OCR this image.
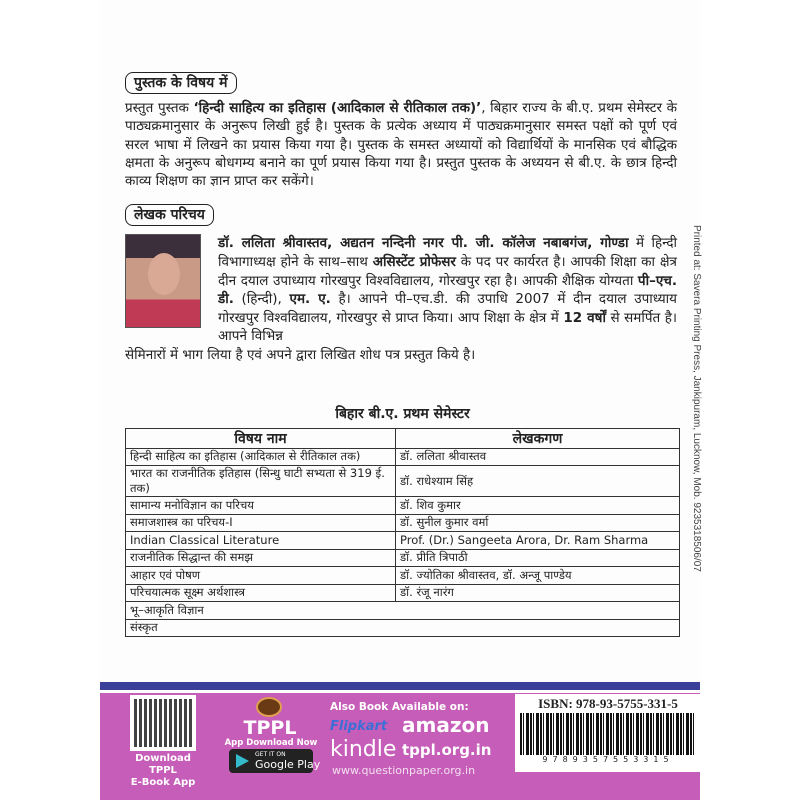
पुस्तक के विषय में
प्रस्तुत पुस्तक ‘हिन्दी साहित्य का इतिहास (आदिकाल से रीतिकाल तक)’, बिहार राज्य के बी.ए. प्रथम सेमेस्टर के पाठ्यक्रमानुसार के अनुरूप लिखी हुई है। पुस्तक के प्रत्येक अध्याय में पाठ्यक्रमानुसार समस्त पक्षों को पूर्ण एवं सरल भाषा में लिखने का प्रयास किया गया है। पुस्तक के समस्त अध्यायों को विद्यार्थियों के मानसिक एवं बौद्धिक क्षमता के अनुरूप बोधगम्य बनाने का पूर्ण प्रयास किया गया है। प्रस्तुत पुस्तक के अध्ययन से बी.ए. के छात्र हिन्दी काव्य शिक्षण का ज्ञान प्राप्त कर सकेंगे।
लेखक परिचय
डॉ. ललिता श्रीवास्तव, अद्यतन नन्दिनी नगर पी. जी. कॉलेज नबाबगंज, गोण्डा में हिन्दी विभागाध्यक्ष होने के साथ–साथ असिस्टेंट प्रोफेसर के पद पर कार्यरत है। आपकी शिक्षा का क्षेत्र दीन दयाल उपाध्याय गोरखपुर विश्वविद्यालय, गोरखपुर रहा है। आपकी शैक्षिक योग्यता पी–एच. डी. (हिन्दी), एम. ए. है। आपने पी–एच.डी. की उपाधि 2007 में दीन दयाल उपाध्याय गोरखपुर विश्वविद्यालय, गोरखपुर से प्राप्त किया। आप शिक्षा के क्षेत्र में 12 वर्षों से समर्पित है। आपने विभिन्न
सेमिनारों में भाग लिया है एवं अपने द्वारा लिखित शोध पत्र प्रस्तुत किये है।
बिहार बी.ए. प्रथम सेमेस्टर
विषय नाम	लेखकगण
हिन्दी साहित्य का इतिहास (आदिकाल से रीतिकाल तक)	डॉ. ललिता श्रीवास्तव
भारत का राजनीतिक इतिहास (सिन्धु घाटी सभ्यता से 319 ई. तक)	डॉ. राधेश्याम सिंह
सामान्य मनोविज्ञान का परिचय	डॉ. शिव कुमार
समाजशास्त्र का परिचय-I	डॉ. सुनील कुमार वर्मा
Indian Classical Literature	Prof. (Dr.) Sangeeta Arora, Dr. Ram Sharma
राजनीतिक सिद्धान्त की समझ	डॉ. प्रीति त्रिपाठी
आहार एवं पोषण	डॉ. ज्योतिका श्रीवास्तव, डॉ. अन्जू पाण्डेय
परिचयात्मक सूक्ष्म अर्थशास्त्र	डॉ. रंजू नारंग
भू–आकृति विज्ञान	
संस्कृत	
Printed at: Savera Printing Press, Jankipuram, Lucknow, Mob. 9235318506/07
Download TPPL
E-Book App
TPPL
App Download Now
GET IT ON
Google Play
Also Book Available on:
Flipkart amazon
kindle tppl.org.in
www.questionpaper.org.in
ISBN: 978-93-5755-331-5
9789357553315
